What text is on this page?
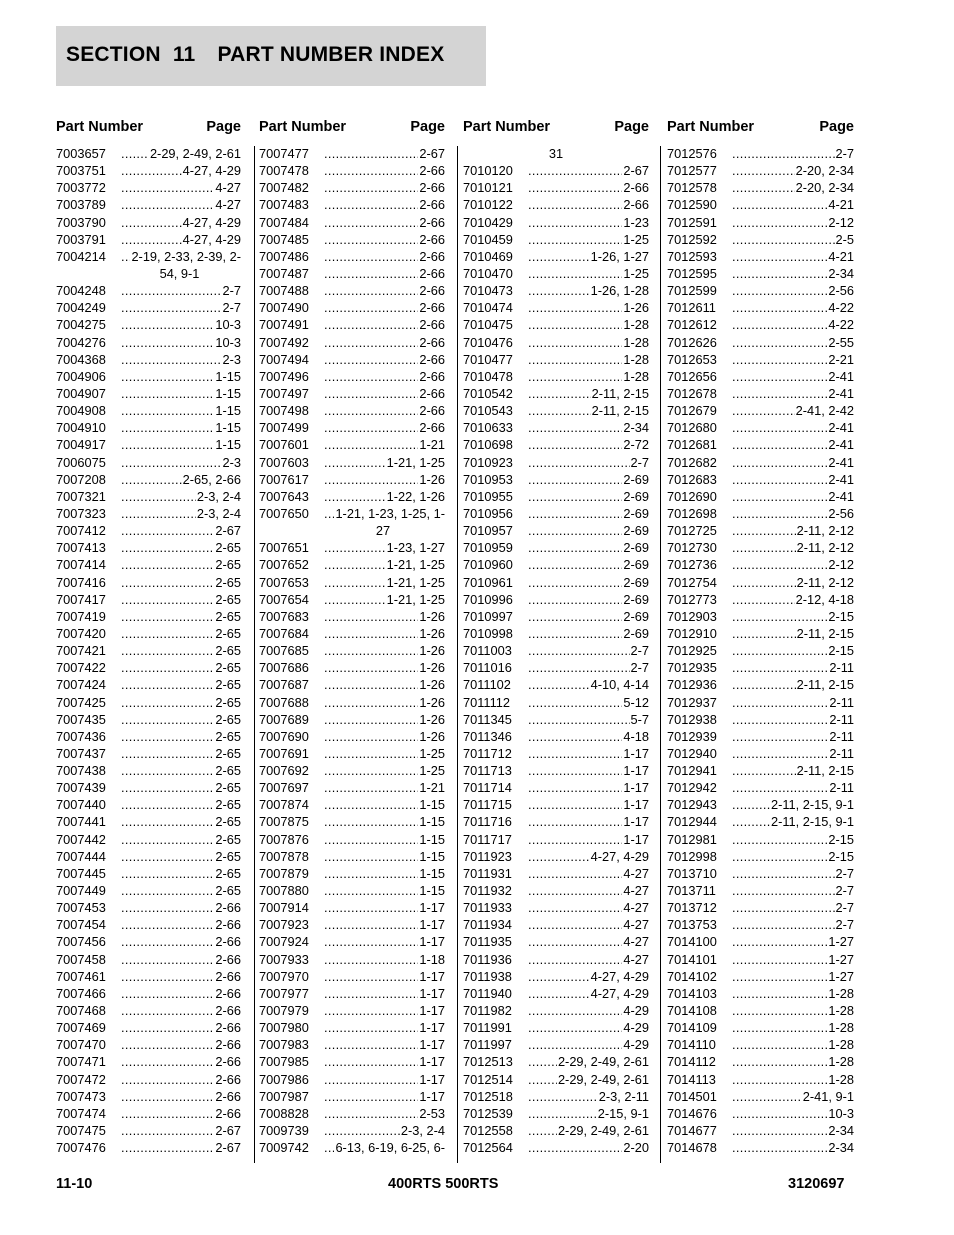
SECTION 11 PART NUMBER INDEX
Part Number	Page
7003657 .....	2-29, 2-49, 2-61
7003751 .....	4-27, 4-29
7003772 .....	4-27
7003789 .....	4-27
7003790 .....	4-27, 4-29
7003791 .....	4-27, 4-29
7004214 .....	2-19, 2-33, 2-39, 2-
54, 9-1
7004248 .....	2-7
7004249 .....	2-7
7004275 .....	10-3
7004276 .....	10-3
7004368 .....	2-3
7004906 .....	1-15
7004907 .....	1-15
7004908 .....	1-15
7004910 .....	1-15
7004917 .....	1-15
7006075 .....	2-3
7007208 .....	2-65, 2-66
7007321 .....	2-3, 2-4
7007323 .....	2-3, 2-4
7007412 .....	2-67
7007413 .....	2-65
7007414 .....	2-65
7007416 .....	2-65
7007417 .....	2-65
7007419 .....	2-65
7007420 .....	2-65
7007421 .....	2-65
7007422 .....	2-65
7007424 .....	2-65
7007425 .....	2-65
7007435 .....	2-65
7007436 .....	2-65
7007437 .....	2-65
7007438 .....	2-65
7007439 .....	2-65
7007440 .....	2-65
7007441 .....	2-65
7007442 .....	2-65
7007444 .....	2-65
7007445 .....	2-65
7007449 .....	2-65
7007453 .....	2-66
7007454 .....	2-66
7007456 .....	2-66
7007458 .....	2-66
7007461 .....	2-66
7007466 .....	2-66
7007468 .....	2-66
7007469 .....	2-66
7007470 .....	2-66
7007471 .....	2-66
7007472 .....	2-66
7007473 .....	2-66
7007474 .....	2-66
7007475 .....	2-67
7007476 .....	2-67
Part Number	Page
7007477 .....	2-67
7007478 .....	2-66
7007482 .....	2-66
7007483 .....	2-66
7007484 .....	2-66
7007485 .....	2-66
7007486 .....	2-66
7007487 .....	2-66
7007488 .....	2-66
7007490 .....	2-66
7007491 .....	2-66
7007492 .....	2-66
7007494 .....	2-66
7007496 .....	2-66
7007497 .....	2-66
7007498 .....	2-66
7007499 .....	2-66
7007601 .....	1-21
7007603 .....	1-21, 1-25
7007617 .....	1-26
7007643 .....	1-22, 1-26
7007650 .....	1-21, 1-23, 1-25, 1-
27
7007651 .....	1-23, 1-27
7007652 .....	1-21, 1-25
7007653 .....	1-21, 1-25
7007654 .....	1-21, 1-25
7007683 .....	1-26
7007684 .....	1-26
7007685 .....	1-26
7007686 .....	1-26
7007687 .....	1-26
7007688 .....	1-26
7007689 .....	1-26
7007690 .....	1-26
7007691 .....	1-25
7007692 .....	1-25
7007697 .....	1-21
7007874 .....	1-15
7007875 .....	1-15
7007876 .....	1-15
7007878 .....	1-15
7007879 .....	1-15
7007880 .....	1-15
7007914 .....	1-17
7007923 .....	1-17
7007924 .....	1-17
7007933 .....	1-18
7007970 .....	1-17
7007977 .....	1-17
7007979 .....	1-17
7007980 .....	1-17
7007983 .....	1-17
7007985 .....	1-17
7007986 .....	1-17
7007987 .....	1-17
7008828 .....	2-53
7009739 .....	2-3, 2-4
7009742 .....	6-13, 6-19, 6-25, 6-
Part Number	Page
31
7010120 .....	2-67
7010121 .....	2-66
7010122 .....	2-66
7010429 .....	1-23
7010459 .....	1-25
7010469 .....	1-26, 1-27
7010470 .....	1-25
7010473 .....	1-26, 1-28
7010474 .....	1-26
7010475 .....	1-28
7010476 .....	1-28
7010477 .....	1-28
7010478 .....	1-28
7010542 .....	2-11, 2-15
7010543 .....	2-11, 2-15
7010633 .....	2-34
7010698 .....	2-72
7010923 .....	2-7
7010953 .....	2-69
7010955 .....	2-69
7010956 .....	2-69
7010957 .....	2-69
7010959 .....	2-69
7010960 .....	2-69
7010961 .....	2-69
7010996 .....	2-69
7010997 .....	2-69
7010998 .....	2-69
7011003 .....	2-7
7011016 .....	2-7
7011102 .....	4-10, 4-14
7011112 .....	5-12
7011345 .....	5-7
7011346 .....	4-18
7011712 .....	1-17
7011713 .....	1-17
7011714 .....	1-17
7011715 .....	1-17
7011716 .....	1-17
7011717 .....	1-17
7011923 .....	4-27, 4-29
7011931 .....	4-27
7011932 .....	4-27
7011933 .....	4-27
7011934 .....	4-27
7011935 .....	4-27
7011936 .....	4-27
7011938 .....	4-27, 4-29
7011940 .....	4-27, 4-29
7011982 .....	4-29
7011991 .....	4-29
7011997 .....	4-29
7012513 .....	2-29, 2-49, 2-61
7012514 .....	2-29, 2-49, 2-61
7012518 .....	2-3, 2-11
7012539 .....	2-15, 9-1
7012558 .....	2-29, 2-49, 2-61
7012564 .....	2-20
Part Number	Page
7012576 .....	2-7
7012577 .....	2-20, 2-34
7012578 .....	2-20, 2-34
7012590 .....	4-21
7012591 .....	2-12
7012592 .....	2-5
7012593 .....	4-21
7012595 .....	2-34
7012599 .....	2-56
7012611 .....	4-22
7012612 .....	4-22
7012626 .....	2-55
7012653 .....	2-21
7012656 .....	2-41
7012678 .....	2-41
7012679 .....	2-41, 2-42
7012680 .....	2-41
7012681 .....	2-41
7012682 .....	2-41
7012683 .....	2-41
7012690 .....	2-41
7012698 .....	2-56
7012725 .....	2-11, 2-12
7012730 .....	2-11, 2-12
7012736 .....	2-12
7012754 .....	2-11, 2-12
7012773 .....	2-12, 4-18
7012903 .....	2-15
7012910 .....	2-11, 2-15
7012925 .....	2-15
7012935 .....	2-11
7012936 .....	2-11, 2-15
7012937 .....	2-11
7012938 .....	2-11
7012939 .....	2-11
7012940 .....	2-11
7012941 .....	2-11, 2-15
7012942 .....	2-11
7012943 .....	2-11, 2-15, 9-1
7012944 .....	2-11, 2-15, 9-1
7012981 .....	2-15
7012998 .....	2-15
7013710 .....	2-7
7013711 .....	2-7
7013712 .....	2-7
7013753 .....	2-7
7014100 .....	1-27
7014101 .....	1-27
7014102 .....	1-27
7014103 .....	1-28
7014108 .....	1-28
7014109 .....	1-28
7014110 .....	1-28
7014112 .....	1-28
7014113 .....	1-28
7014501 .....	2-41, 9-1
7014676 .....	10-3
7014677 .....	2-34
7014678 .....	2-34
11-10	400RTS 500RTS	3120697
